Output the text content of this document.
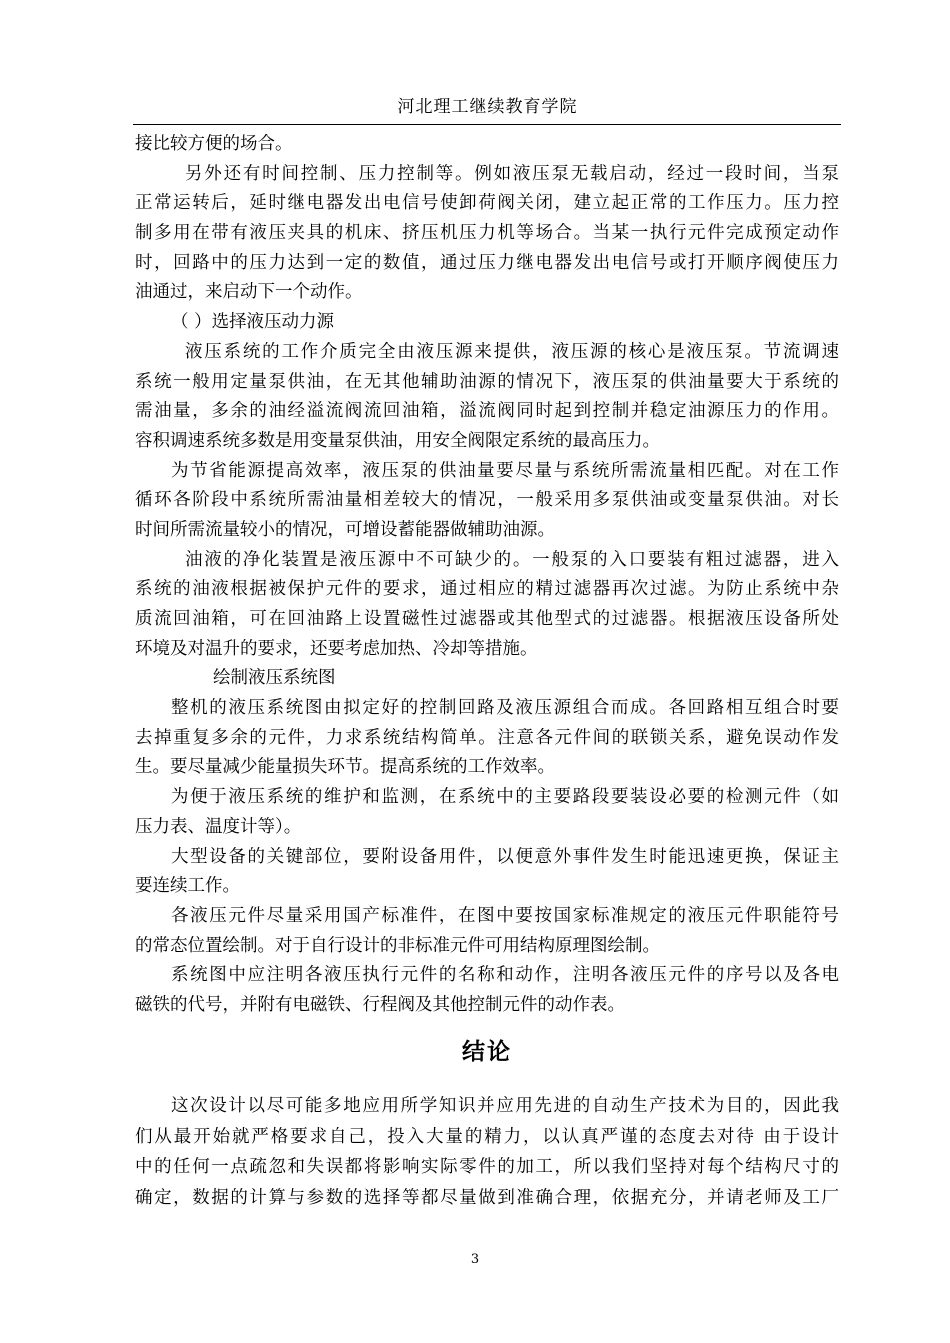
河北理工继续教育学院
接比较方便的场合。
另外还有时间控制、压力控制等。例如液压泵无载启动，经过一段时间，当泵
正常运转后，延时继电器发出电信号使卸荷阀关闭，建立起正常的工作压力。压力控
制多用在带有液压夹具的机床、挤压机压力机等场合。当某一执行元件完成预定动作
时，回路中的压力达到一定的数值，通过压力继电器发出电信号或打开顺序阀使压力
油通过，来启动下一个动作。
（ ）选择液压动力源
液压系统的工作介质完全由液压源来提供，液压源的核心是液压泵。节流调速
系统一般用定量泵供油，在无其他辅助油源的情况下，液压泵的供油量要大于系统的
需油量，多余的油经溢流阀流回油箱，溢流阀同时起到控制并稳定油源压力的作用。
容积调速系统多数是用变量泵供油，用安全阀限定系统的最高压力。
为节省能源提高效率，液压泵的供油量要尽量与系统所需流量相匹配。对在工作
循环各阶段中系统所需油量相差较大的情况，一般采用多泵供油或变量泵供油。对长
时间所需流量较小的情况，可增设蓄能器做辅助油源。
油液的净化装置是液压源中不可缺少的。一般泵的入口要装有粗过滤器，进入
系统的油液根据被保护元件的要求，通过相应的精过滤器再次过滤。为防止系统中杂
质流回油箱，可在回油路上设置磁性过滤器或其他型式的过滤器。根据液压设备所处
环境及对温升的要求，还要考虑加热、冷却等措施。
绘制液压系统图
整机的液压系统图由拟定好的控制回路及液压源组合而成。各回路相互组合时要
去掉重复多余的元件，力求系统结构简单。注意各元件间的联锁关系，避免误动作发
生。要尽量减少能量损失环节。提高系统的工作效率。
为便于液压系统的维护和监测，在系统中的主要路段要装设必要的检测元件（如
压力表、温度计等）。
大型设备的关键部位，要附设备用件，以便意外事件发生时能迅速更换，保证主
要连续工作。
各液压元件尽量采用国产标准件，在图中要按国家标准规定的液压元件职能符号
的常态位置绘制。对于自行设计的非标准元件可用结构原理图绘制。
系统图中应注明各液压执行元件的名称和动作，注明各液压元件的序号以及各电
磁铁的代号，并附有电磁铁、行程阀及其他控制元件的动作表。
结论
这次设计以尽可能多地应用所学知识并应用先进的自动生产技术为目的，因此我
们从最开始就严格要求自己，投入大量的精力，以认真严谨的态度去对待 由于设计
中的任何一点疏忽和失误都将影响实际零件的加工，所以我们坚持对每个结构尺寸的
确定，数据的计算与参数的选择等都尽量做到准确合理，依据充分，并请老师及工厂
3
